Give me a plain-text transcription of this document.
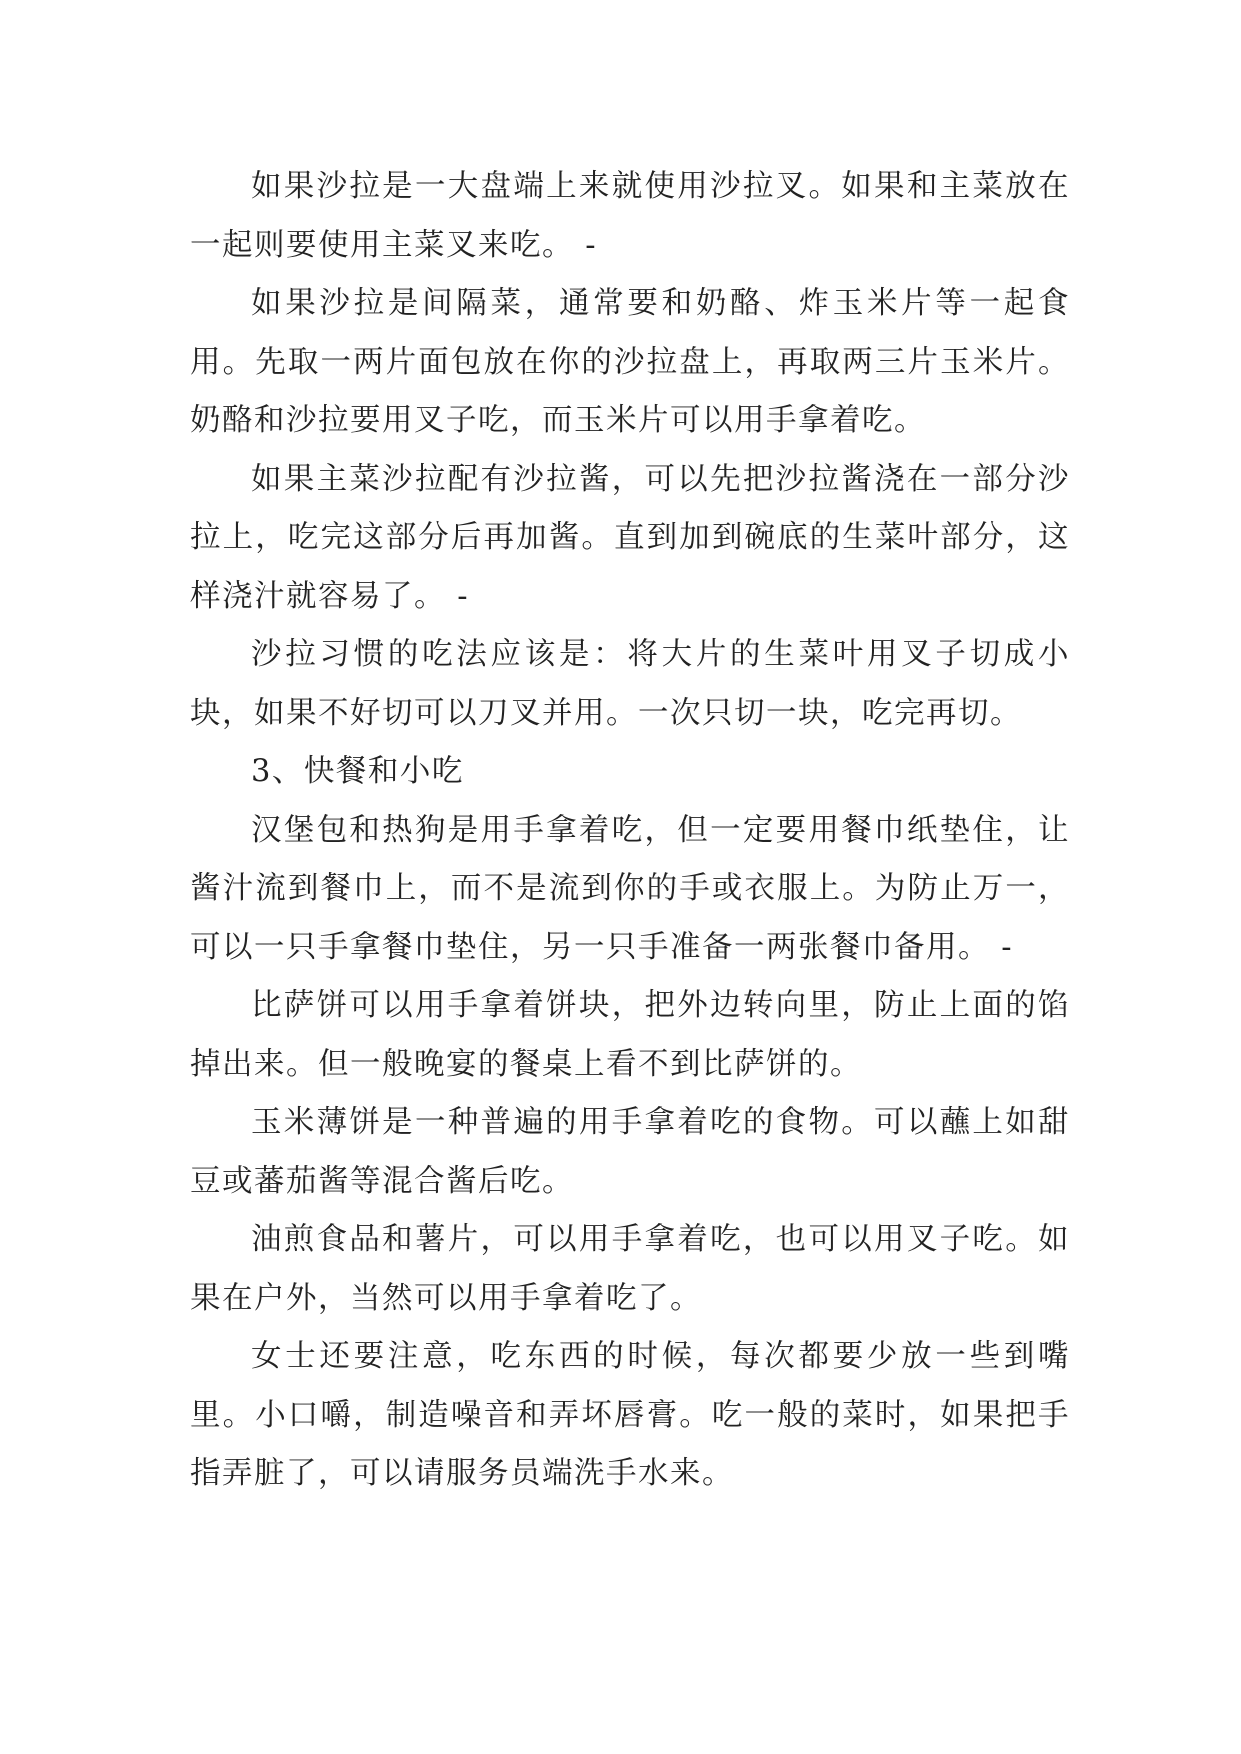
如果沙拉是一大盘端上来就使用沙拉叉。如果和主菜放在一起则要使用主菜叉来吃。 -

如果沙拉是间隔菜，通常要和奶酪、炸玉米片等一起食用。先取一两片面包放在你的沙拉盘上，再取两三片玉米片。奶酪和沙拉要用叉子吃，而玉米片可以用手拿着吃。

如果主菜沙拉配有沙拉酱，可以先把沙拉酱浇在一部分沙拉上，吃完这部分后再加酱。直到加到碗底的生菜叶部分，这样浇汁就容易了。 -

沙拉习惯的吃法应该是：将大片的生菜叶用叉子切成小块，如果不好切可以刀叉并用。一次只切一块，吃完再切。

3、快餐和小吃

汉堡包和热狗是用手拿着吃，但一定要用餐巾纸垫住，让酱汁流到餐巾上，而不是流到你的手或衣服上。为防止万一，可以一只手拿餐巾垫住，另一只手准备一两张餐巾备用。 -

比萨饼可以用手拿着饼块，把外边转向里，防止上面的馅掉出来。但一般晚宴的餐桌上看不到比萨饼的。

玉米薄饼是一种普遍的用手拿着吃的食物。可以蘸上如甜豆或蕃茄酱等混合酱后吃。

油煎食品和薯片，可以用手拿着吃，也可以用叉子吃。如果在户外，当然可以用手拿着吃了。

女士还要注意，吃东西的时候，每次都要少放一些到嘴里。小口嚼，制造噪音和弄坏唇膏。吃一般的菜时，如果把手指弄脏了，可以请服务员端洗手水来。
